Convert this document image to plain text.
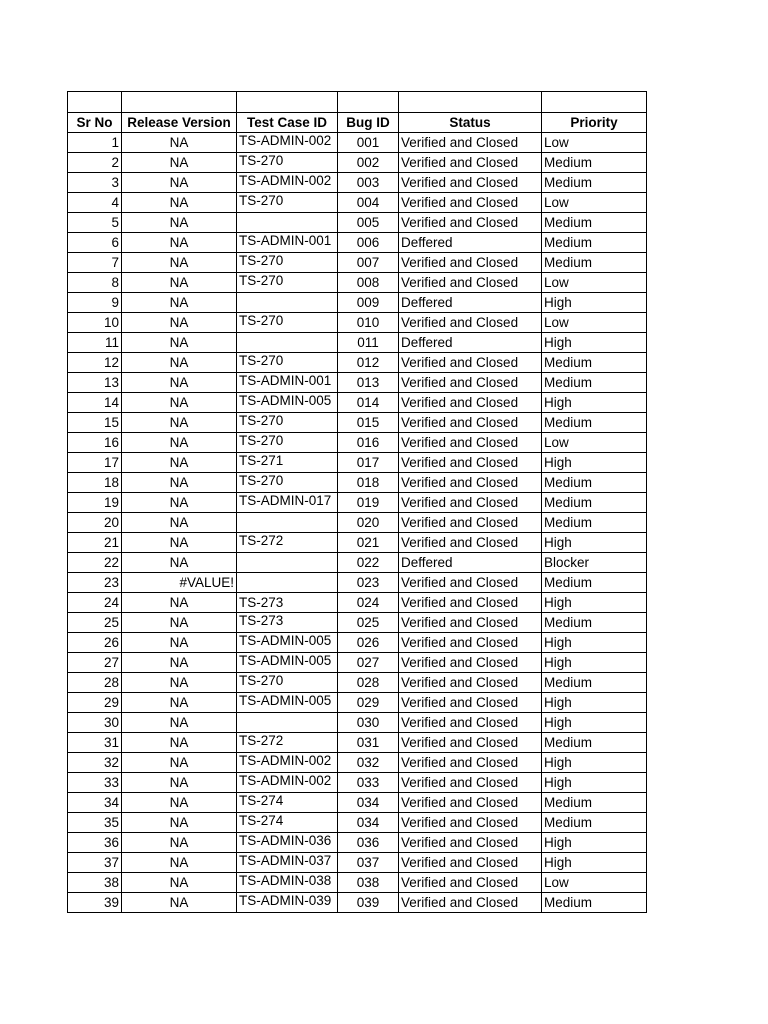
Sr No	Release Version	Test Case ID	Bug ID	Status	Priority
1	NA	TS-ADMIN-002	001	Verified and Closed	Low
2	NA	TS-270	002	Verified and Closed	Medium
3	NA	TS-ADMIN-002	003	Verified and Closed	Medium
4	NA	TS-270	004	Verified and Closed	Low
5	NA		005	Verified and Closed	Medium
6	NA	TS-ADMIN-001	006	Deffered	Medium
7	NA	TS-270	007	Verified and Closed	Medium
8	NA	TS-270	008	Verified and Closed	Low
9	NA		009	Deffered	High
10	NA	TS-270	010	Verified and Closed	Low
11	NA		011	Deffered	High
12	NA	TS-270	012	Verified and Closed	Medium
13	NA	TS-ADMIN-001	013	Verified and Closed	Medium
14	NA	TS-ADMIN-005	014	Verified and Closed	High
15	NA	TS-270	015	Verified and Closed	Medium
16	NA	TS-270	016	Verified and Closed	Low
17	NA	TS-271	017	Verified and Closed	High
18	NA	TS-270	018	Verified and Closed	Medium
19	NA	TS-ADMIN-017	019	Verified and Closed	Medium
20	NA		020	Verified and Closed	Medium
21	NA	TS-272	021	Verified and Closed	High
22	NA		022	Deffered	Blocker
23	#VALUE!		023	Verified and Closed	Medium
24	NA	TS-273	024	Verified and Closed	High
25	NA	TS-273	025	Verified and Closed	Medium
26	NA	TS-ADMIN-005	026	Verified and Closed	High
27	NA	TS-ADMIN-005	027	Verified and Closed	High
28	NA	TS-270	028	Verified and Closed	Medium
29	NA	TS-ADMIN-005	029	Verified and Closed	High
30	NA		030	Verified and Closed	High
31	NA	TS-272	031	Verified and Closed	Medium
32	NA	TS-ADMIN-002	032	Verified and Closed	High
33	NA	TS-ADMIN-002	033	Verified and Closed	High
34	NA	TS-274	034	Verified and Closed	Medium
35	NA	TS-274	034	Verified and Closed	Medium
36	NA	TS-ADMIN-036	036	Verified and Closed	High
37	NA	TS-ADMIN-037	037	Verified and Closed	High
38	NA	TS-ADMIN-038	038	Verified and Closed	Low
39	NA	TS-ADMIN-039	039	Verified and Closed	Medium
